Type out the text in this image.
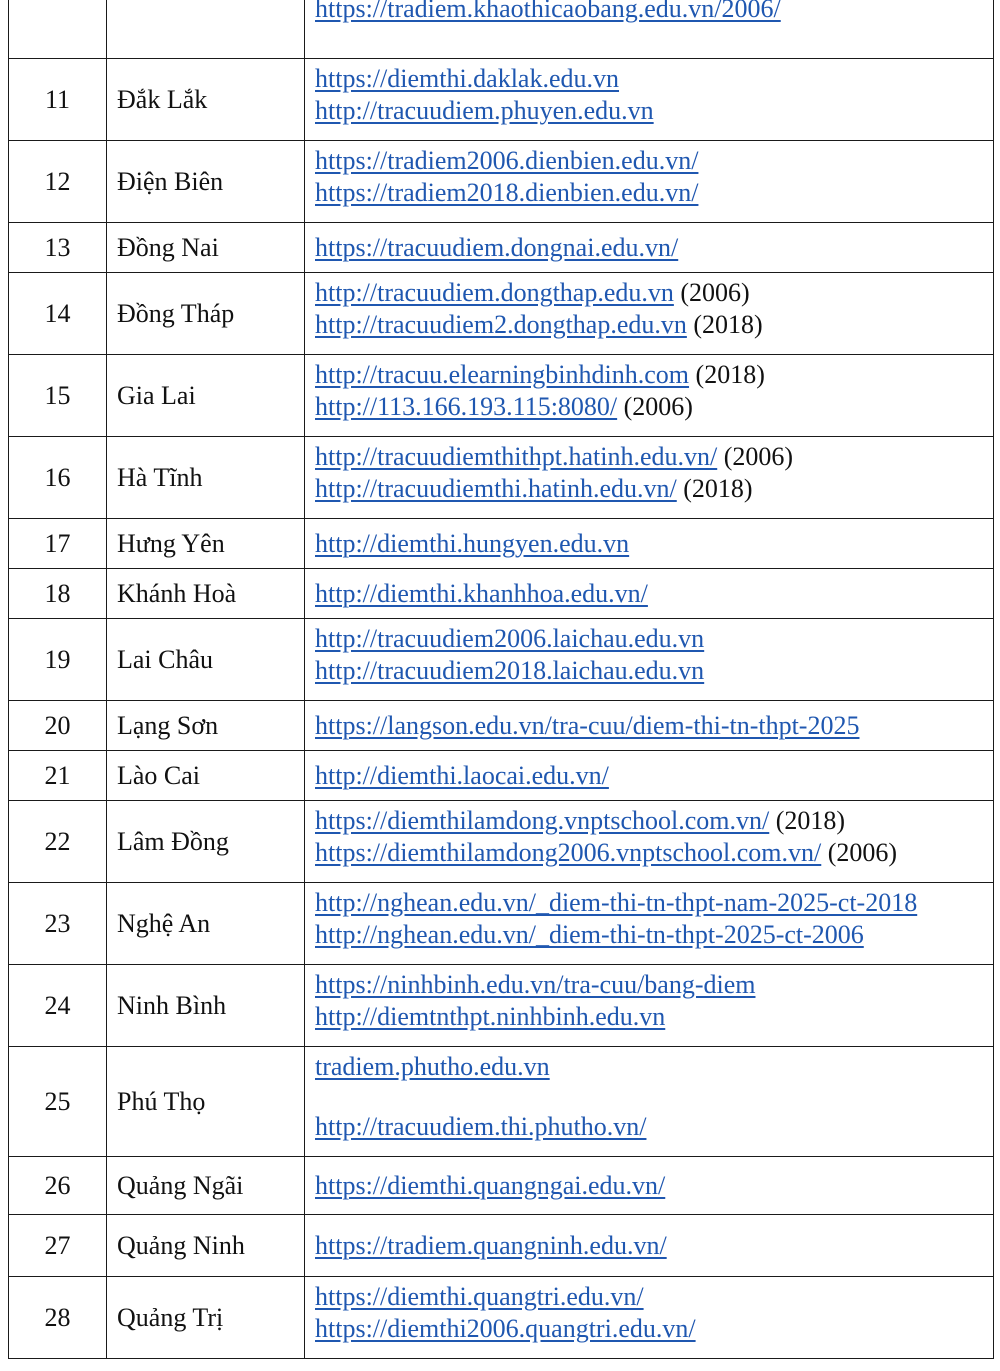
		https://tradiem.khaothicaobang.edu.vn/2006/

11	Đắk Lắk	https://diemthi.daklak.edu.vn
http://tracuudiem.phuyen.edu.vn

12	Điện Biên	https://tradiem2006.dienbien.edu.vn/
https://tradiem2018.dienbien.edu.vn/

13	Đồng Nai	https://tracuudiem.dongnai.edu.vn/

14	Đồng Tháp	http://tracuudiem.dongthap.edu.vn (2006)
http://tracuudiem2.dongthap.edu.vn (2018)

15	Gia Lai	http://tracuu.elearningbinhdinh.com (2018)
http://113.166.193.115:8080/ (2006)

16	Hà Tĩnh	http://tracuudiemthithpt.hatinh.edu.vn/ (2006)
http://tracuudiemthi.hatinh.edu.vn/ (2018)

17	Hưng Yên	http://diemthi.hungyen.edu.vn

18	Khánh Hoà	http://diemthi.khanhhoa.edu.vn/

19	Lai Châu	http://tracuudiem2006.laichau.edu.vn
http://tracuudiem2018.laichau.edu.vn

20	Lạng Sơn	https://langson.edu.vn/tra-cuu/diem-thi-tn-thpt-2025

21	Lào Cai	http://diemthi.laocai.edu.vn/

22	Lâm Đồng	https://diemthilamdong.vnptschool.com.vn/ (2018)
https://diemthilamdong2006.vnptschool.com.vn/ (2006)

23	Nghệ An	http://nghean.edu.vn/_diem-thi-tn-thpt-nam-2025-ct-2018
http://nghean.edu.vn/_diem-thi-tn-thpt-2025-ct-2006

24	Ninh Bình	https://ninhbinh.edu.vn/tra-cuu/bang-diem
http://diemtnthpt.ninhbinh.edu.vn

25	Phú Thọ	tradiem.phutho.edu.vn
http://tracuudiem.thi.phutho.vn/

26	Quảng Ngãi	https://diemthi.quangngai.edu.vn/

27	Quảng Ninh	https://tradiem.quangninh.edu.vn/

28	Quảng Trị	https://diemthi.quangtri.edu.vn/
https://diemthi2006.quangtri.edu.vn/
